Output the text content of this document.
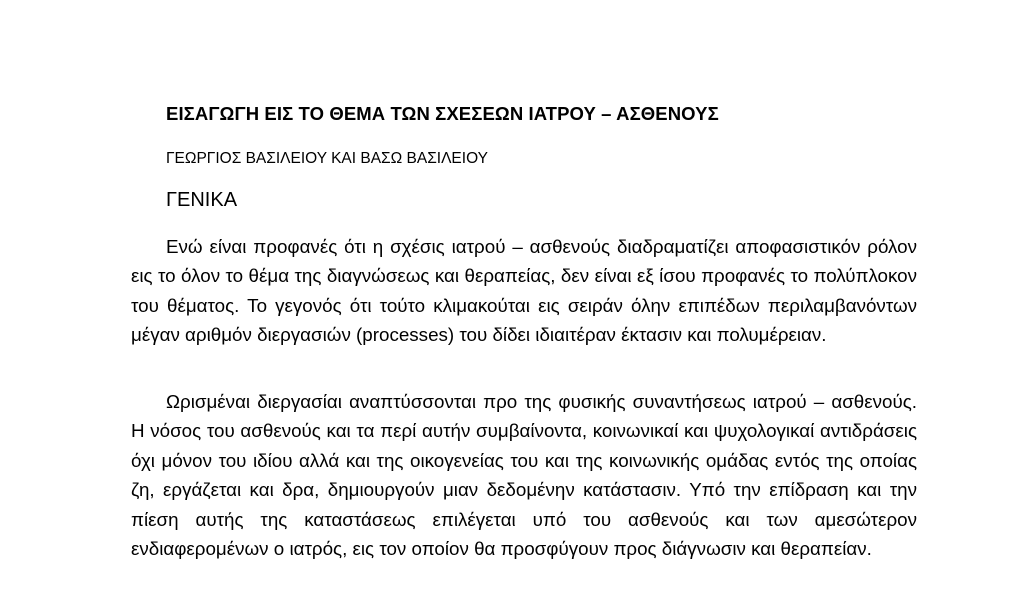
ΕΙΣΑΓΩΓΗ ΕΙΣ ΤΟ ΘΕΜΑ ΤΩΝ ΣΧΕΣΕΩΝ ΙΑΤΡΟΥ – ΑΣΘΕΝΟΥΣ
ΓΕΩΡΓΙΟΣ ΒΑΣΙΛΕΙΟΥ ΚΑΙ ΒΑΣΩ ΒΑΣΙΛΕΙΟΥ
ΓΕΝΙΚΑ

Ενώ είναι προφανές ότι η σχέσις ιατρού – ασθενούς διαδραματίζει αποφασιστικόν ρόλον εις το όλον το θέμα της διαγνώσεως και θεραπείας, δεν είναι εξ ίσου προφανές το πολύπλοκον του θέματος. Το γεγονός ότι τούτο κλιμακούται εις σειράν όλην επιπέδων περιλαμβανόντων μέγαν αριθμόν διεργασιών (processes) του δίδει ιδιαιτέραν έκτασιν και πολυμέρειαν.

Ωρισμέναι διεργασίαι αναπτύσσονται προ της φυσικής συναντήσεως ιατρού – ασθενούς. Η νόσος του ασθενούς και τα περί αυτήν συμβαίνοντα, κοινωνικαί και ψυχολογικαί αντιδράσεις όχι μόνον του ιδίου αλλά και της οικογενείας του και της κοινωνικής ομάδας εντός της οποίας ζη, εργάζεται και δρα, δημιουργούν μιαν δεδομένην κατάστασιν. Υπό την επίδραση και την πίεση αυτής της καταστάσεως επιλέγεται υπό του ασθενούς και των αμεσώτερον ενδιαφερομένων ο ιατρός, εις τον οποίον θα προσφύγουν προς διάγνωσιν και θεραπείαν.
